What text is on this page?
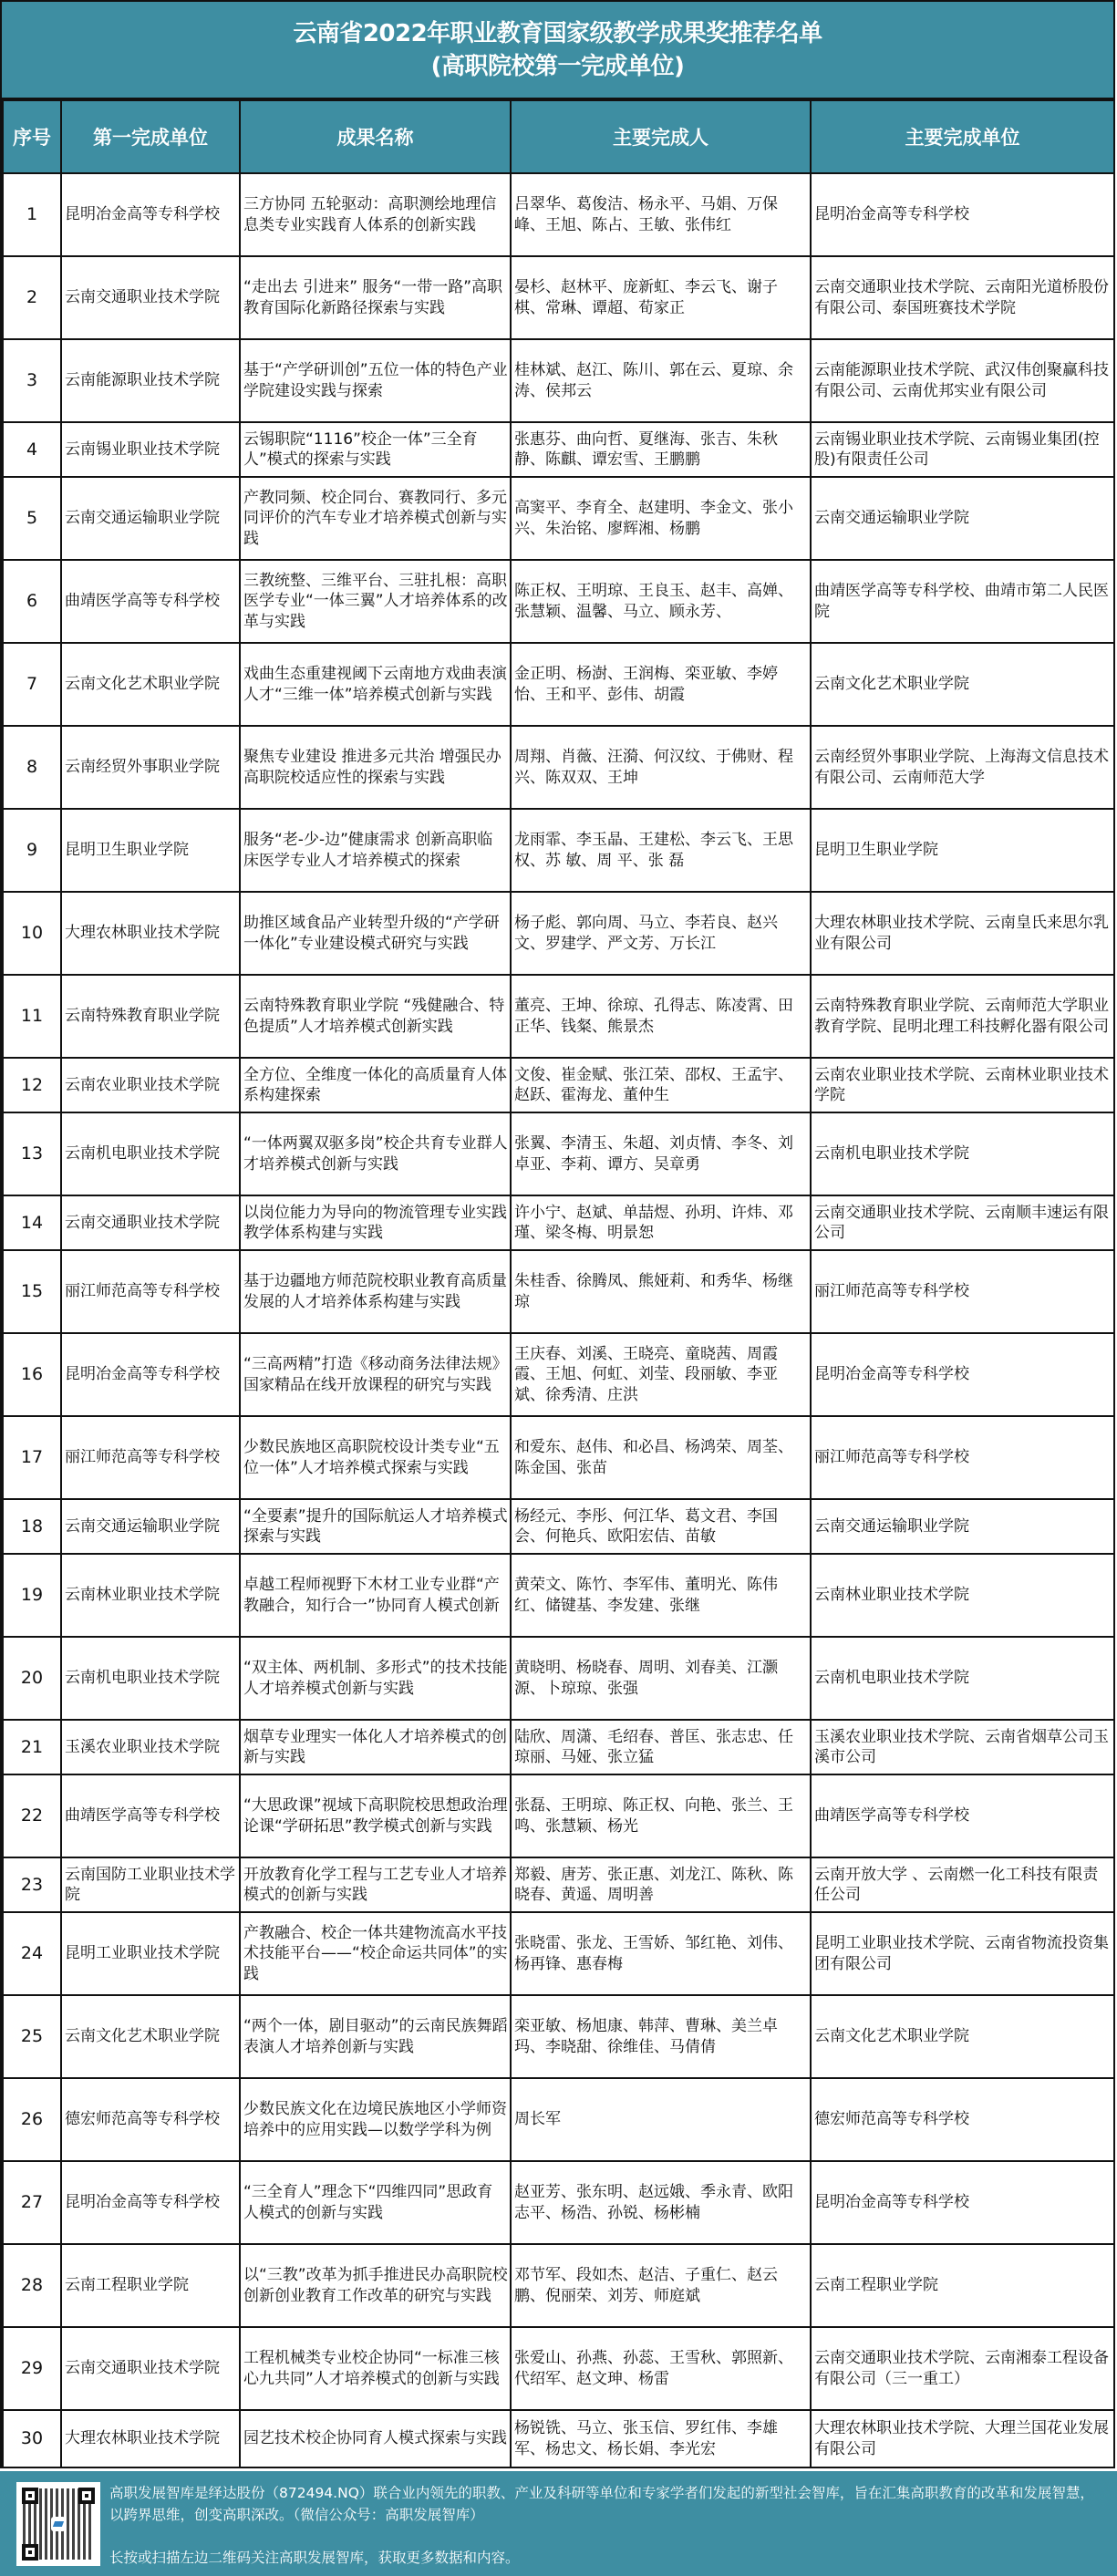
云南省2022年职业教育国家级教学成果奖推荐名单
(高职院校第一完成单位)
序号	第一完成单位	成果名称	主要完成人	主要完成单位
1	昆明冶金高等专科学校	三方协同 五轮驱动：高职测绘地理信息类专业实践育人体系的创新实践	吕翠华、葛俊洁、杨永平、马娟、万保峰、王旭、陈占、王敏、张伟红	昆明冶金高等专科学校
2	云南交通职业技术学院	“走出去 引进来” 服务“一带一路”高职教育国际化新路径探索与实践	晏杉、赵林平、庞新虹、李云飞、谢子棋、常琳、谭超、荀家正	云南交通职业技术学院、云南阳光道桥股份有限公司、泰国班赛技术学院
3	云南能源职业技术学院	基于“产学研训创”五位一体的特色产业学院建设实践与探索	桂林斌、赵江、陈川、郭在云、夏琼、余涛、侯邦云	云南能源职业技术学院、武汉伟创聚赢科技有限公司、云南优邦实业有限公司
4	云南锡业职业技术学院	云锡职院“1116”校企一体”三全育人”模式的探索与实践	张惠芬、曲向哲、夏继海、张吉、朱秋静、陈麒、谭宏雪、王鹏鹏	云南锡业职业技术学院、云南锡业集团(控股)有限责任公司
5	云南交通运输职业学院	产教同频、校企同台、赛教同行、多元同评价的汽车专业才培养模式创新与实践	高窦平、李育全、赵建明、李金文、张小兴、朱治铭、廖辉湘、杨鹏	云南交通运输职业学院
6	曲靖医学高等专科学校	三教统整、三维平台、三驻扎根：高职医学专业“一体三翼”人才培养体系的改革与实践	陈正权、王明琼、王良玉、赵丰、高婵、张慧颖、温馨、马立、顾永芳、	曲靖医学高等专科学校、曲靖市第二人民医院
7	云南文化艺术职业学院	戏曲生态重建视阈下云南地方戏曲表演人才“三维一体”培养模式创新与实践	金正明、杨澍、王润梅、栾亚敏、李婷怡、王和平、彭伟、胡霞	云南文化艺术职业学院
8	云南经贸外事职业学院	聚焦专业建设 推进多元共治 增强民办高职院校适应性的探索与实践	周翔、肖薇、汪漪、何汉纹、于佛财、程兴、陈双双、王坤	云南经贸外事职业学院、上海海文信息技术有限公司、云南师范大学
9	昆明卫生职业学院	服务“老-少-边”健康需求 创新高职临床医学专业人才培养模式的探索	龙雨霏、李玉晶、王建松、李云飞、王思权、苏 敏、周 平、张 磊	昆明卫生职业学院
10	大理农林职业技术学院	助推区域食品产业转型升级的“产学研一体化”专业建设模式研究与实践	杨子彪、郭向周、马立、李若良、赵兴文、罗建学、严文芳、万长江	大理农林职业技术学院、云南皇氏来思尔乳业有限公司
11	云南特殊教育职业学院	云南特殊教育职业学院 “残健融合、特色提质”人才培养模式创新实践	董亮、王坤、徐琼、孔得志、陈凌霄、田正华、钱粲、熊景杰	云南特殊教育职业学院、云南师范大学职业教育学院、昆明北理工科技孵化器有限公司
12	云南农业职业技术学院	全方位、全维度一体化的高质量育人体系构建探索	文俊、崔金赋、张江荣、邵权、王孟宇、赵跃、霍海龙、董仲生	云南农业职业技术学院、云南林业职业技术学院
13	云南机电职业技术学院	“一体两翼双驱多岗”校企共育专业群人才培养模式创新与实践	张翼、李清玉、朱超、刘贞情、李冬、刘卓亚、李莉、谭方、吴章勇	云南机电职业技术学院
14	云南交通职业技术学院	以岗位能力为导向的物流管理专业实践教学体系构建与实践	许小宁、赵斌、单喆煜、孙玥、许炜、邓瑾、梁冬梅、明景恕	云南交通职业技术学院、云南顺丰速运有限公司
15	丽江师范高等专科学校	基于边疆地方师范院校职业教育高质量发展的人才培养体系构建与实践	朱桂香、徐腾凤、熊娅莉、和秀华、杨继琼	丽江师范高等专科学校
16	昆明冶金高等专科学校	“三高两精”打造《移动商务法律法规》国家精品在线开放课程的研究与实践	王庆春、刘溪、王晓亮、童晓茜、周霞霞、王旭、何虹、刘莹、段丽敏、李亚斌、徐秀清、庄洪	昆明冶金高等专科学校
17	丽江师范高等专科学校	少数民族地区高职院校设计类专业“五位一体”人才培养模式探索与实践	和爱东、赵伟、和必昌、杨鸿荣、周荃、陈金国、张苗	丽江师范高等专科学校
18	云南交通运输职业学院	“全要素”提升的国际航运人才培养模式探索与实践	杨经元、李彤、何江华、葛文君、李国会、何艳兵、欧阳宏佶、苗敏	云南交通运输职业学院
19	云南林业职业技术学院	卓越工程师视野下木材工业专业群“产教融合，知行合一”协同育人模式创新	黄荣文、陈竹、李军伟、董明光、陈伟红、储键基、李发建、张继	云南林业职业技术学院
20	云南机电职业技术学院	“双主体、两机制、多形式”的技术技能人才培养模式创新与实践	黄晓明、杨晓春、周明、刘春美、江灏源、卜琼琼、张强	云南机电职业技术学院
21	玉溪农业职业技术学院	烟草专业理实一体化人才培养模式的创新与实践	陆欣、周潇、毛绍春、普匡、张志忠、任琼丽、马娅、张立猛	玉溪农业职业技术学院、云南省烟草公司玉溪市公司
22	曲靖医学高等专科学校	“大思政课”视域下高职院校思想政治理论课“学研拓思”教学模式创新与实践	张磊、王明琼、陈正权、向艳、张兰、王鸣、张慧颖、杨光	曲靖医学高等专科学校
23	云南国防工业职业技术学院	开放教育化学工程与工艺专业人才培养模式的创新与实践	郑毅、唐芳、张正惠、刘龙江、陈秋、陈晓春、黄遥、周明善	云南开放大学 、云南燃一化工科技有限责任公司
24	昆明工业职业技术学院	产教融合、校企一体共建物流高水平技术技能平台——“校企命运共同体”的实践	张晓雷、张龙、王雪娇、邹红艳、刘伟、杨再锋、惠春梅	昆明工业职业技术学院、云南省物流投资集团有限公司
25	云南文化艺术职业学院	“两个一体，剧目驱动”的云南民族舞蹈表演人才培养创新与实践	栾亚敏、杨旭康、韩萍、曹琳、美兰卓玛、李晓甜、徐维佳、马倩倩	云南文化艺术职业学院
26	德宏师范高等专科学校	少数民族文化在边境民族地区小学师资培养中的应用实践—以数学学科为例	周长军	德宏师范高等专科学校
27	昆明冶金高等专科学校	“三全育人”理念下“四维四同”思政育人模式的创新与实践	赵亚芳、张东明、赵远娥、季永青、欧阳志平、杨浩、孙锐、杨彬楠	昆明冶金高等专科学校
28	云南工程职业学院	以“三教”改革为抓手推进民办高职院校创新创业教育工作改革的研究与实践	邓节军、段如杰、赵洁、子重仁、赵云鹏、倪丽荣、刘芳、师庭斌	云南工程职业学院
29	云南交通职业技术学院	工程机械类专业校企协同“一标准三核心九共同”人才培养模式的创新与实践	张爱山、孙燕、孙蕊、王雪秋、郭照新、代绍军、赵文珅、杨雷	云南交通职业技术学院、云南湘泰工程设备有限公司（三一重工）
30	大理农林职业技术学院	园艺技术校企协同育人模式探索与实践	杨锐铣、马立、张玉信、罗红伟、李雄军、杨忠文、杨长娟、李光宏	大理农林职业技术学院、大理兰国花业发展有限公司
高职发展智库是绎达股份（872494.NQ）联合业内领先的职教、产业及科研等单位和专家学者们发起的新型社会智库，旨在汇集高职教育的改革和发展智慧，以跨界思维，创变高职深改。（微信公众号：高职发展智库）
长按或扫描左边二维码关注高职发展智库，获取更多数据和内容。
